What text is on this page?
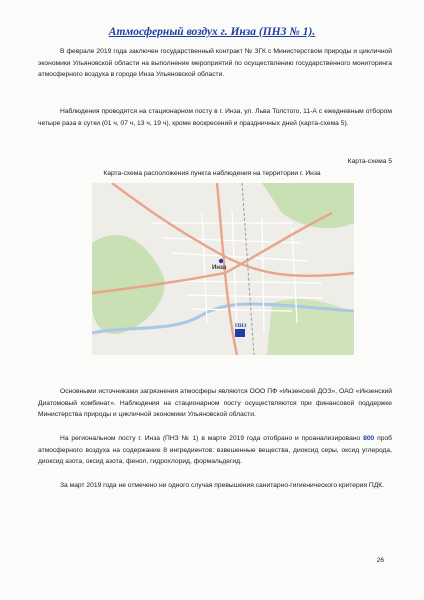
Атмосферный воздух г. Инза (ПНЗ № 1).
В феврале 2019 года заключен государственный контракт № ЗГК с Министерством природы и цикличной экономики Ульяновской области на выполнение мероприятий по осуществлению государственного мониторинга атмосферного воздуха в городе Инза Ульяновской области.
Наблюдения проводятся на стационарном посту в г. Инза, ул. Льва Толстого, 11-А с ежедневным отбором четыре раза в сутки (01 ч, 07 ч, 13 ч, 19 ч), кроме воскресений и праздничных дней (карта-схема 5).
Карта-схема 5
Карта-схема расположения пункта наблюдения на территории г. Инза
Инза
ПНЗ
Основными источниками загрязнения атмосферы являются ООО ПФ «Инзенский ДОЗ», ОАО «Инзенский Диатомовый комбинат». Наблюдения на стационарном посту осуществляются при финансовой поддержке Министерства природы и цикличной экономики Ульяновской области.
На региональном посту г. Инза (ПНЗ № 1) в марте 2019 года отобрано и проанализировано 800 проб атмосферного воздуха на содержание 8 ингредиентов: взвешенные вещества, диоксид серы, оксид углерода, диоксид азота, оксид азота, фенол, гидрохлорид, формальдегид.
За март 2019 года не отмечено ни одного случая превышения санитарно-гигиенического критерия ПДК.
26
